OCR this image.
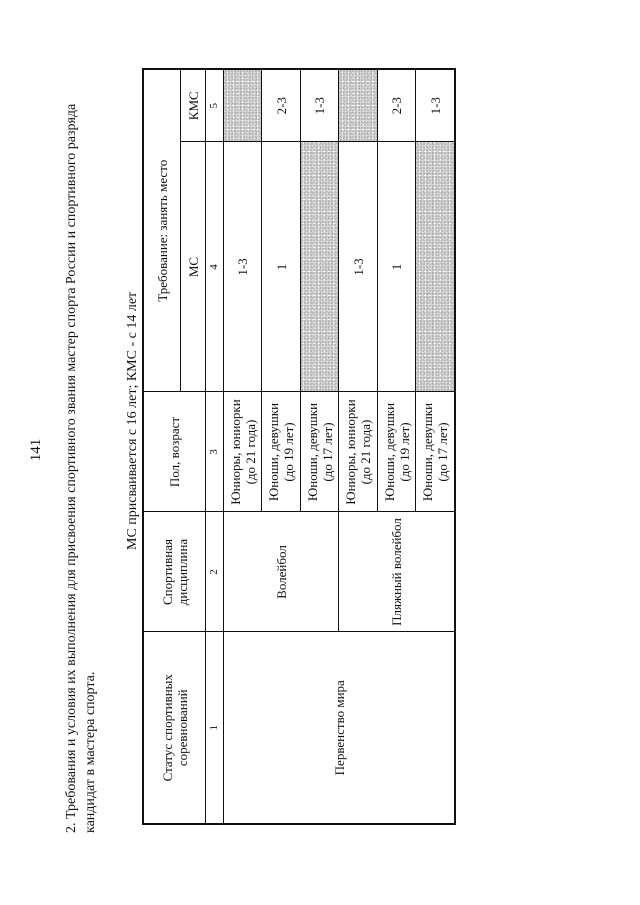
141 2. Требования и условия их выполнения для присвоения спортивного звания мастер спорта России и спортивного разряда кандидат в мастера спорта.
МС присваивается с 16 лет; КМС - с 14 лет
Статус спортивных соревнований	Спортивная дисциплина	Пол, возраст	Требование: занять место	
			МС	КМС
1	2	3	4	5
Первенство мира	Волейбол	Юниоры, юниорки (до 21 года)	1-3	
		Юноши, девушки (до 19 лет)	1	2-3
		Юноши, девушки (до 17 лет)		1-3
	Пляжный волейбол	Юниоры, юниорки (до 21 года)	1-3	
		Юноши, девушки (до 19 лет)	1	2-3
		Юноши, девушки (до 17 лет)		1-3
